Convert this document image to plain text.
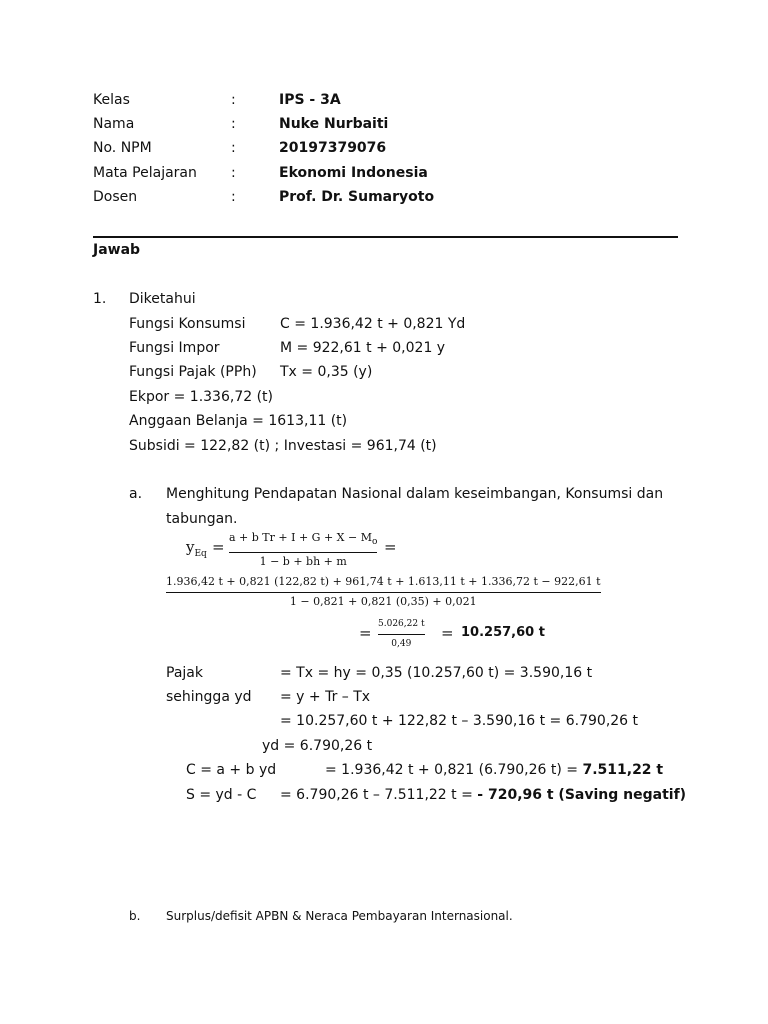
Kelas	:	IPS - 3A
Nama	:	Nuke Nurbaiti
No. NPM	:	20197379076
Mata Pelajaran :	Ekonomi Indonesia
Dosen	:	Prof. Dr. Sumaryoto
Jawab
1. Diketahui
Fungsi Konsumsi C = 1.936,42 t + 0,821 Yd
Fungsi Impor	M = 922,61 t + 0,021 y
Fungsi Pajak (PPh) Tx = 0,35 (y)
Ekpor = 1.336,72 (t)
Anggaan Belanja = 1613,11 (t)
Subsidi = 122,82 (t) ; Investasi = 961,74 (t)
a. Menghitung Pendapatan Nasional dalam keseimbangan, Konsumsi dan
tabungan.
$y_{Eq}$ =
a + b $Tr + I + G + X - M_o$
1 − b + bh + m
=
1.936,42 t + 0,821 (122,82 t) + 961,74 t + 1.613,11 t + 1.336,72 t − 922,61 t
1 − 0,821 + 0,821 (0,35) + 0,021
= 5.026,22 t
0,49
= 10.257,60 t
Pajak	= Tx = hy = 0,35 (10.257,60 t) = 3.590,16 t
sehingga yd = y + Tr – Tx
= 10.257,60 t + 122,82 t – 3.590,16 t = 6.790,26 t
yd = 6.790,26 t
C = a + b yd	= 1.936,42 t + 0,821 (6.790,26 t) = 7.511,22 t
S = yd - C = 6.790,26 t – 7.511,22 t = - 720,96 t (Saving negatif)
b. Surplus/defisit APBN & Neraca Pembayaran Internasional.
